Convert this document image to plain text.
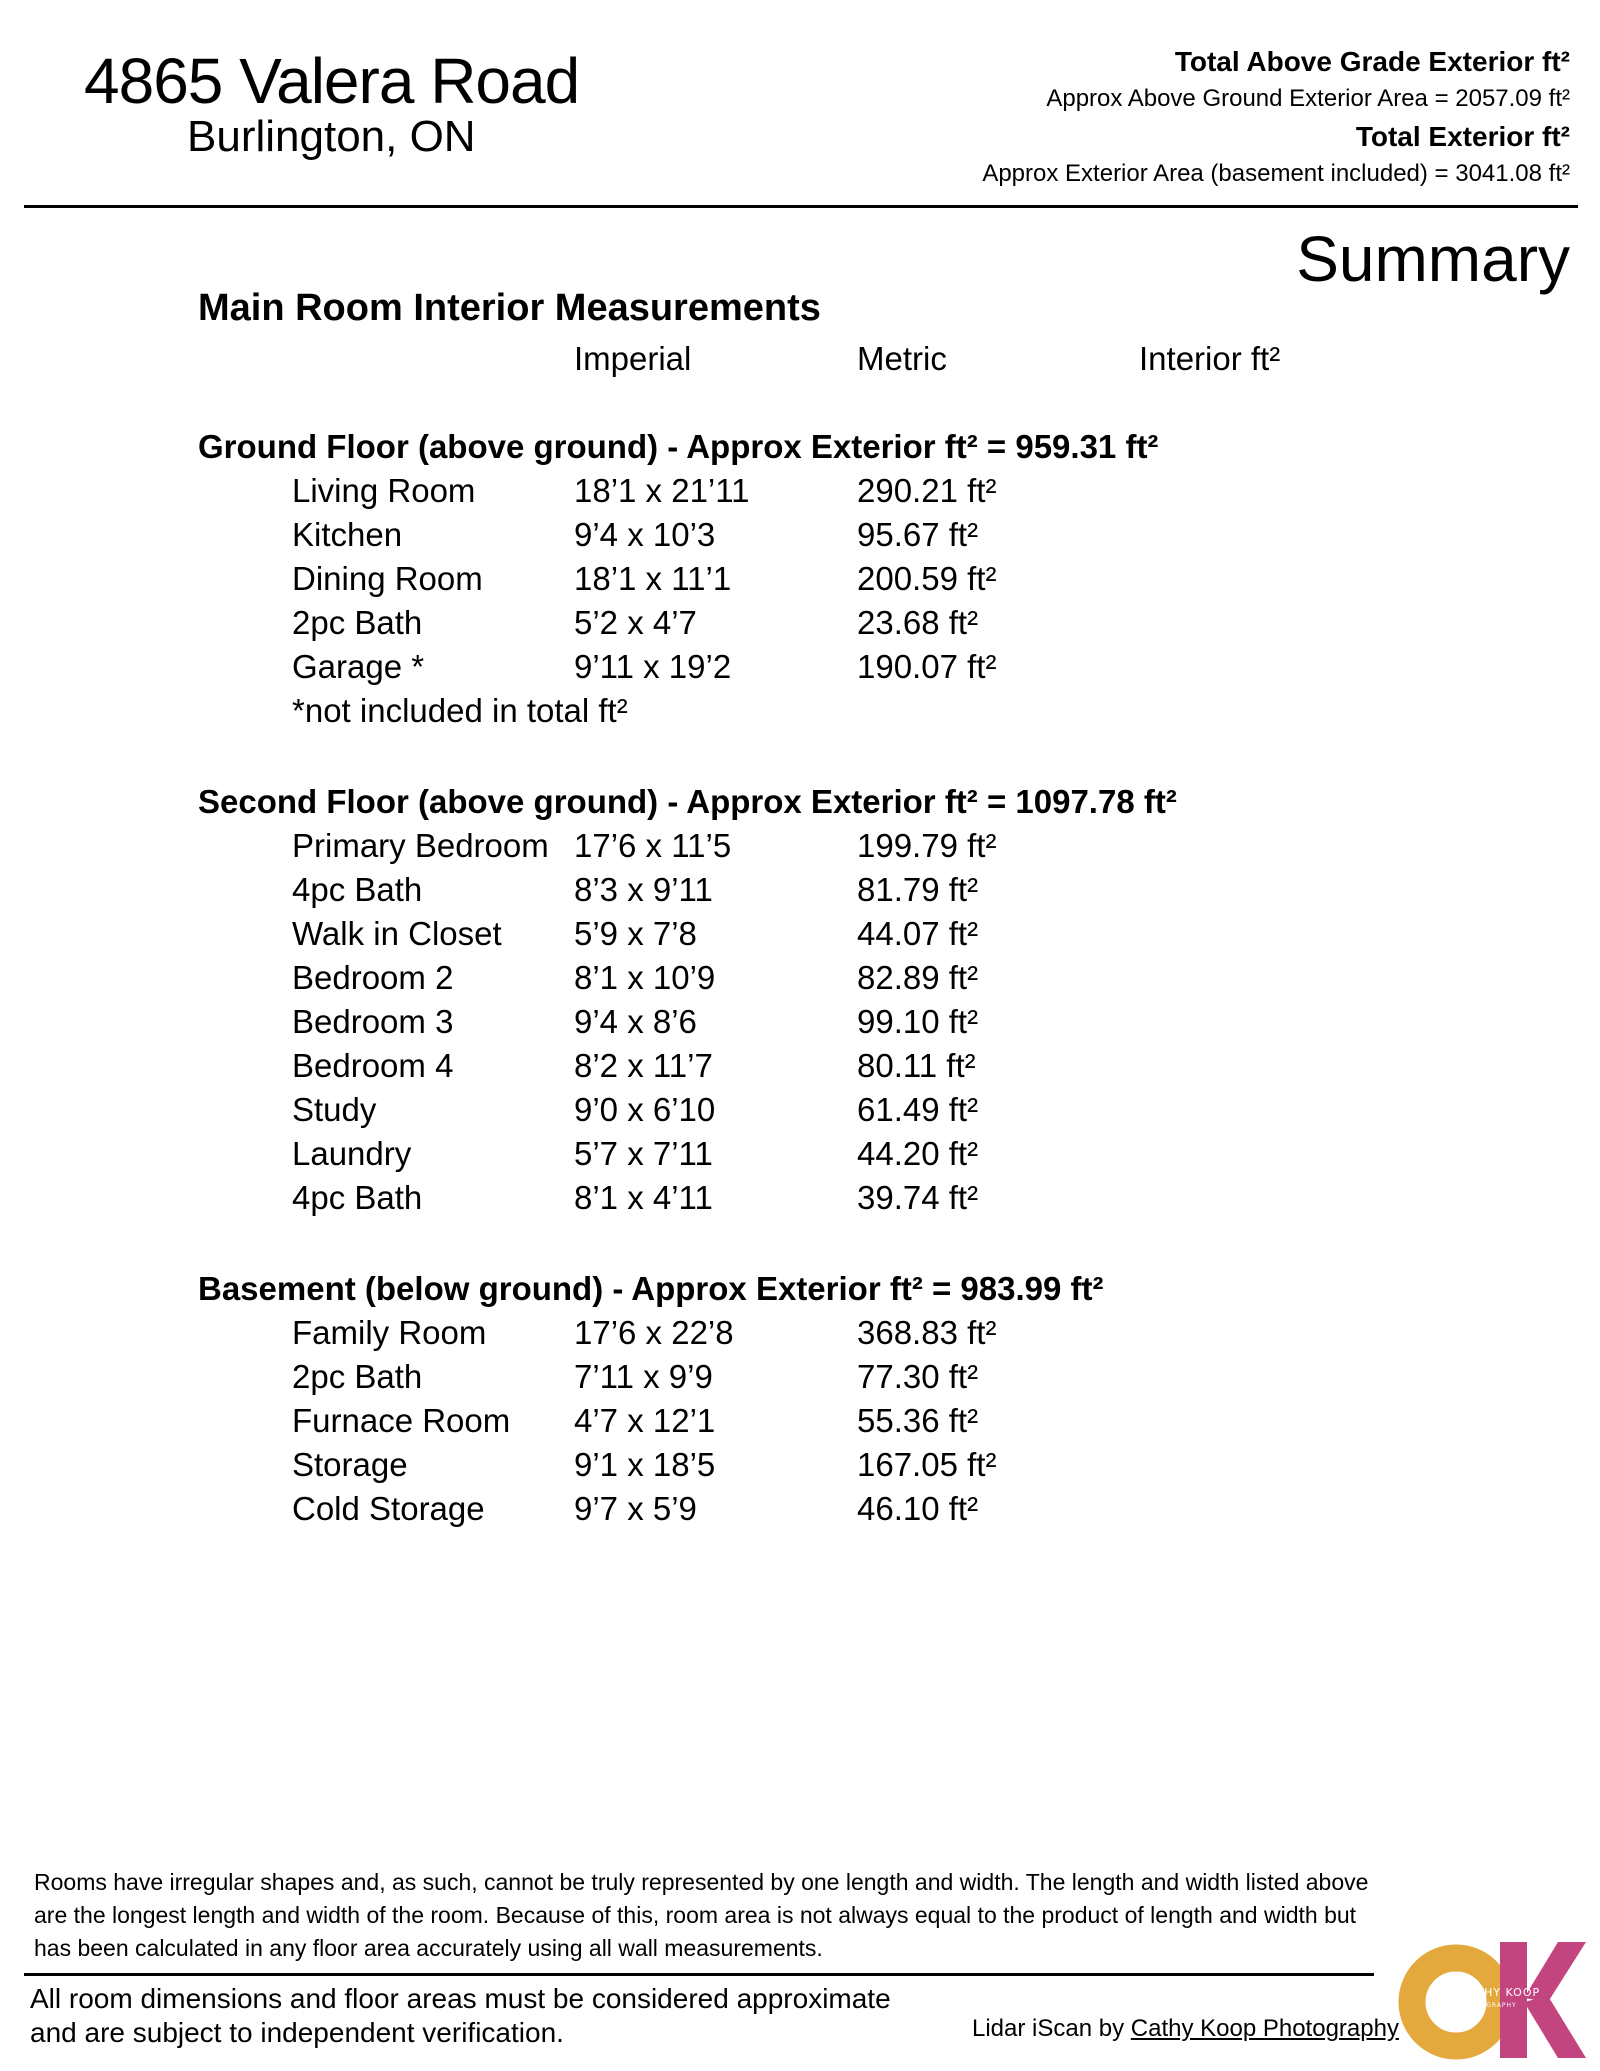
4865 Valera Road
Burlington, ON
Total Above Grade Exterior ft²
Approx Above Ground Exterior Area = 2057.09 ft²
Total Exterior ft²
Approx Exterior Area (basement included) = 3041.08 ft²
Summary
Main Room Interior Measurements
Imperial	Metric	Interior ft²
Ground Floor (above ground) - Approx Exterior ft² = 959.31 ft²
Living Room	18’1 x 21’11	290.21 ft²
Kitchen	9’4 x 10’3	95.67 ft²
Dining Room	18’1 x 11’1	200.59 ft²
2pc Bath	5’2 x 4’7	23.68 ft²
Garage *	9’11 x 19’2	190.07 ft²
*not included in total ft²
Second Floor (above ground) - Approx Exterior ft² = 1097.78 ft²
Primary Bedroom 17’6 x 11’5	199.79 ft²
4pc Bath	8’3 x 9’11	81.79 ft²
Walk in Closet 5’9 x 7’8	44.07 ft²
Bedroom 2	8’1 x 10’9	82.89 ft²
Bedroom 3	9’4 x 8’6	99.10 ft²
Bedroom 4	8’2 x 11’7	80.11 ft²
Study	9’0 x 6’10	61.49 ft²
Laundry	5’7 x 7’11	44.20 ft²
4pc Bath	8’1 x 4’11	39.74 ft²
Basement (below ground) - Approx Exterior ft² = 983.99 ft²
Family Room	17’6 x 22’8	368.83 ft²
2pc Bath	7’11 x 9’9	77.30 ft²
Furnace Room 4’7 x 12’1	55.36 ft²
Storage	9’1 x 18’5	167.05 ft²
Cold Storage	9’7 x 5’9	46.10 ft²
Rooms have irregular shapes and, as such, cannot be truly represented by one length and width. The length and width listed above are the longest length and width of the room. Because of this, room area is not always equal to the product of length and width but has been calculated in any floor area accurately using all wall measurements.
All room dimensions and floor areas must be considered approximate and are subject to independent verification.	Lidar iScan by Cathy Koop Photography
CATHY KOOP
PHOTOGRAPHY
